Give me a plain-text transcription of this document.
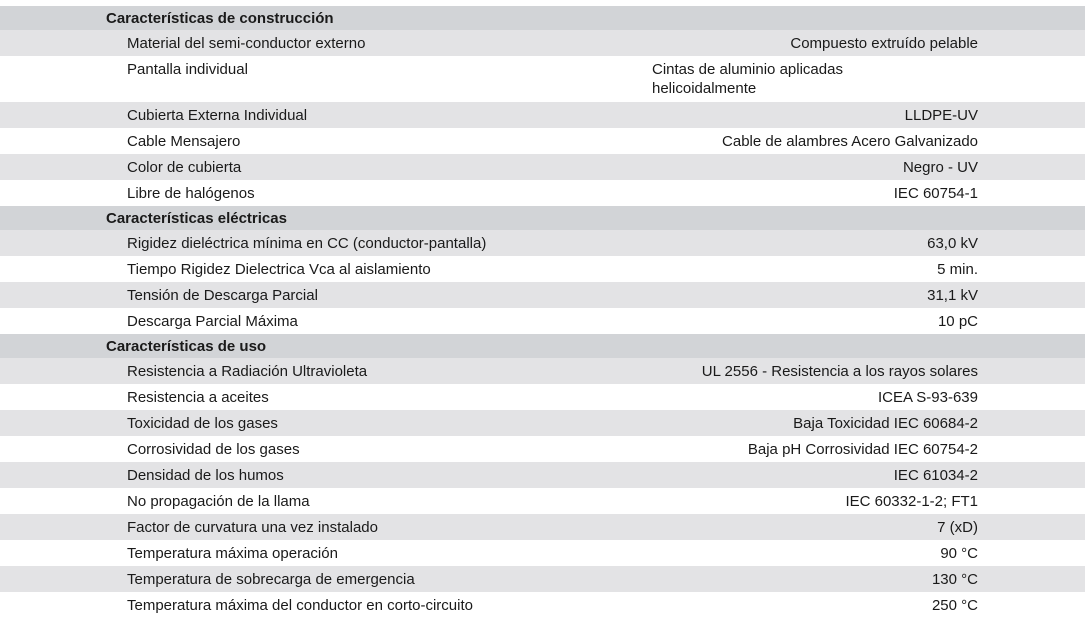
Características de construcción
Material del semi-conductor externo	Compuesto extruído pelable
Pantalla individual	Cintas de aluminio aplicadas helicoidalmente
Cubierta Externa Individual	LLDPE-UV
Cable Mensajero	Cable de alambres Acero Galvanizado
Color de cubierta	Negro - UV
Libre de halógenos	IEC 60754-1
Características eléctricas
Rigidez dieléctrica mínima en CC (conductor-pantalla)	63,0 kV
Tiempo Rigidez Dielectrica Vca al aislamiento	5 min.
Tensión de Descarga Parcial	31,1 kV
Descarga Parcial Máxima	10 pC
Características de uso
Resistencia a Radiación Ultravioleta	UL 2556 - Resistencia a los rayos solares
Resistencia a aceites	ICEA S-93-639
Toxicidad de los gases	Baja Toxicidad IEC 60684-2
Corrosividad de los gases	Baja pH Corrosividad IEC 60754-2
Densidad de los humos	IEC 61034-2
No propagación de la llama	IEC 60332-1-2; FT1
Factor de curvatura una vez instalado	7 (xD)
Temperatura máxima operación	90 °C
Temperatura de sobrecarga de emergencia	130 °C
Temperatura máxima del conductor en corto-circuito	250 °C
